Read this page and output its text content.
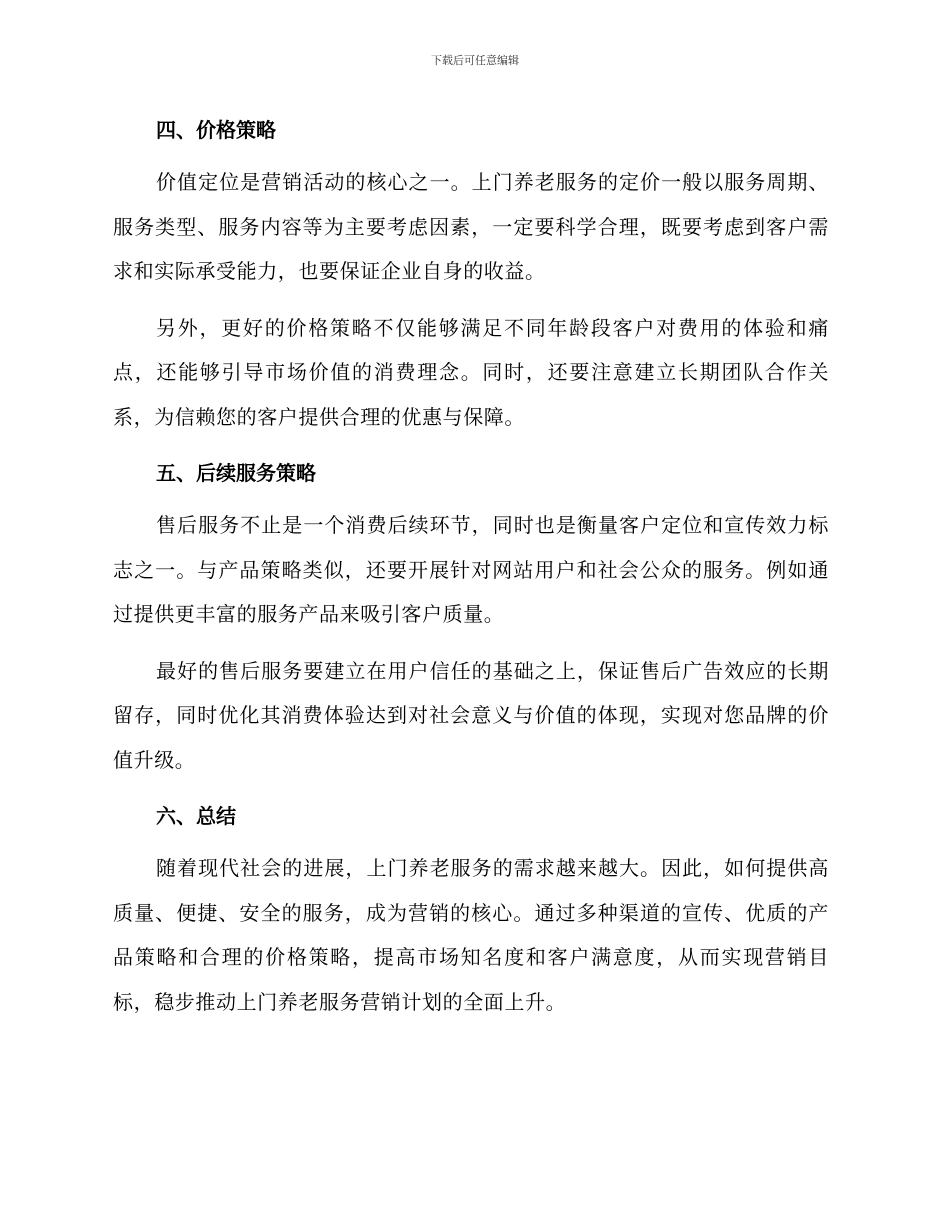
下载后可任意编辑
四、价格策略

价值定位是营销活动的核心之一。上门养老服务的定价一般以服务周期、服务类型、服务内容等为主要考虑因素，一定要科学合理，既要考虑到客户需求和实际承受能力，也要保证企业自身的收益。

另外，更好的价格策略不仅能够满足不同年龄段客户对费用的体验和痛点，还能够引导市场价值的消费理念。同时，还要注意建立长期团队合作关系，为信赖您的客户提供合理的优惠与保障。

五、后续服务策略

售后服务不止是一个消费后续环节，同时也是衡量客户定位和宣传效力标志之一。与产品策略类似，还要开展针对网站用户和社会公众的服务。例如通过提供更丰富的服务产品来吸引客户质量。

最好的售后服务要建立在用户信任的基础之上，保证售后广告效应的长期留存，同时优化其消费体验达到对社会意义与价值的体现，实现对您品牌的价值升级。

六、总结

随着现代社会的进展，上门养老服务的需求越来越大。因此，如何提供高质量、便捷、安全的服务，成为营销的核心。通过多种渠道的宣传、优质的产品策略和合理的价格策略，提高市场知名度和客户满意度，从而实现营销目标，稳步推动上门养老服务营销计划的全面上升。
